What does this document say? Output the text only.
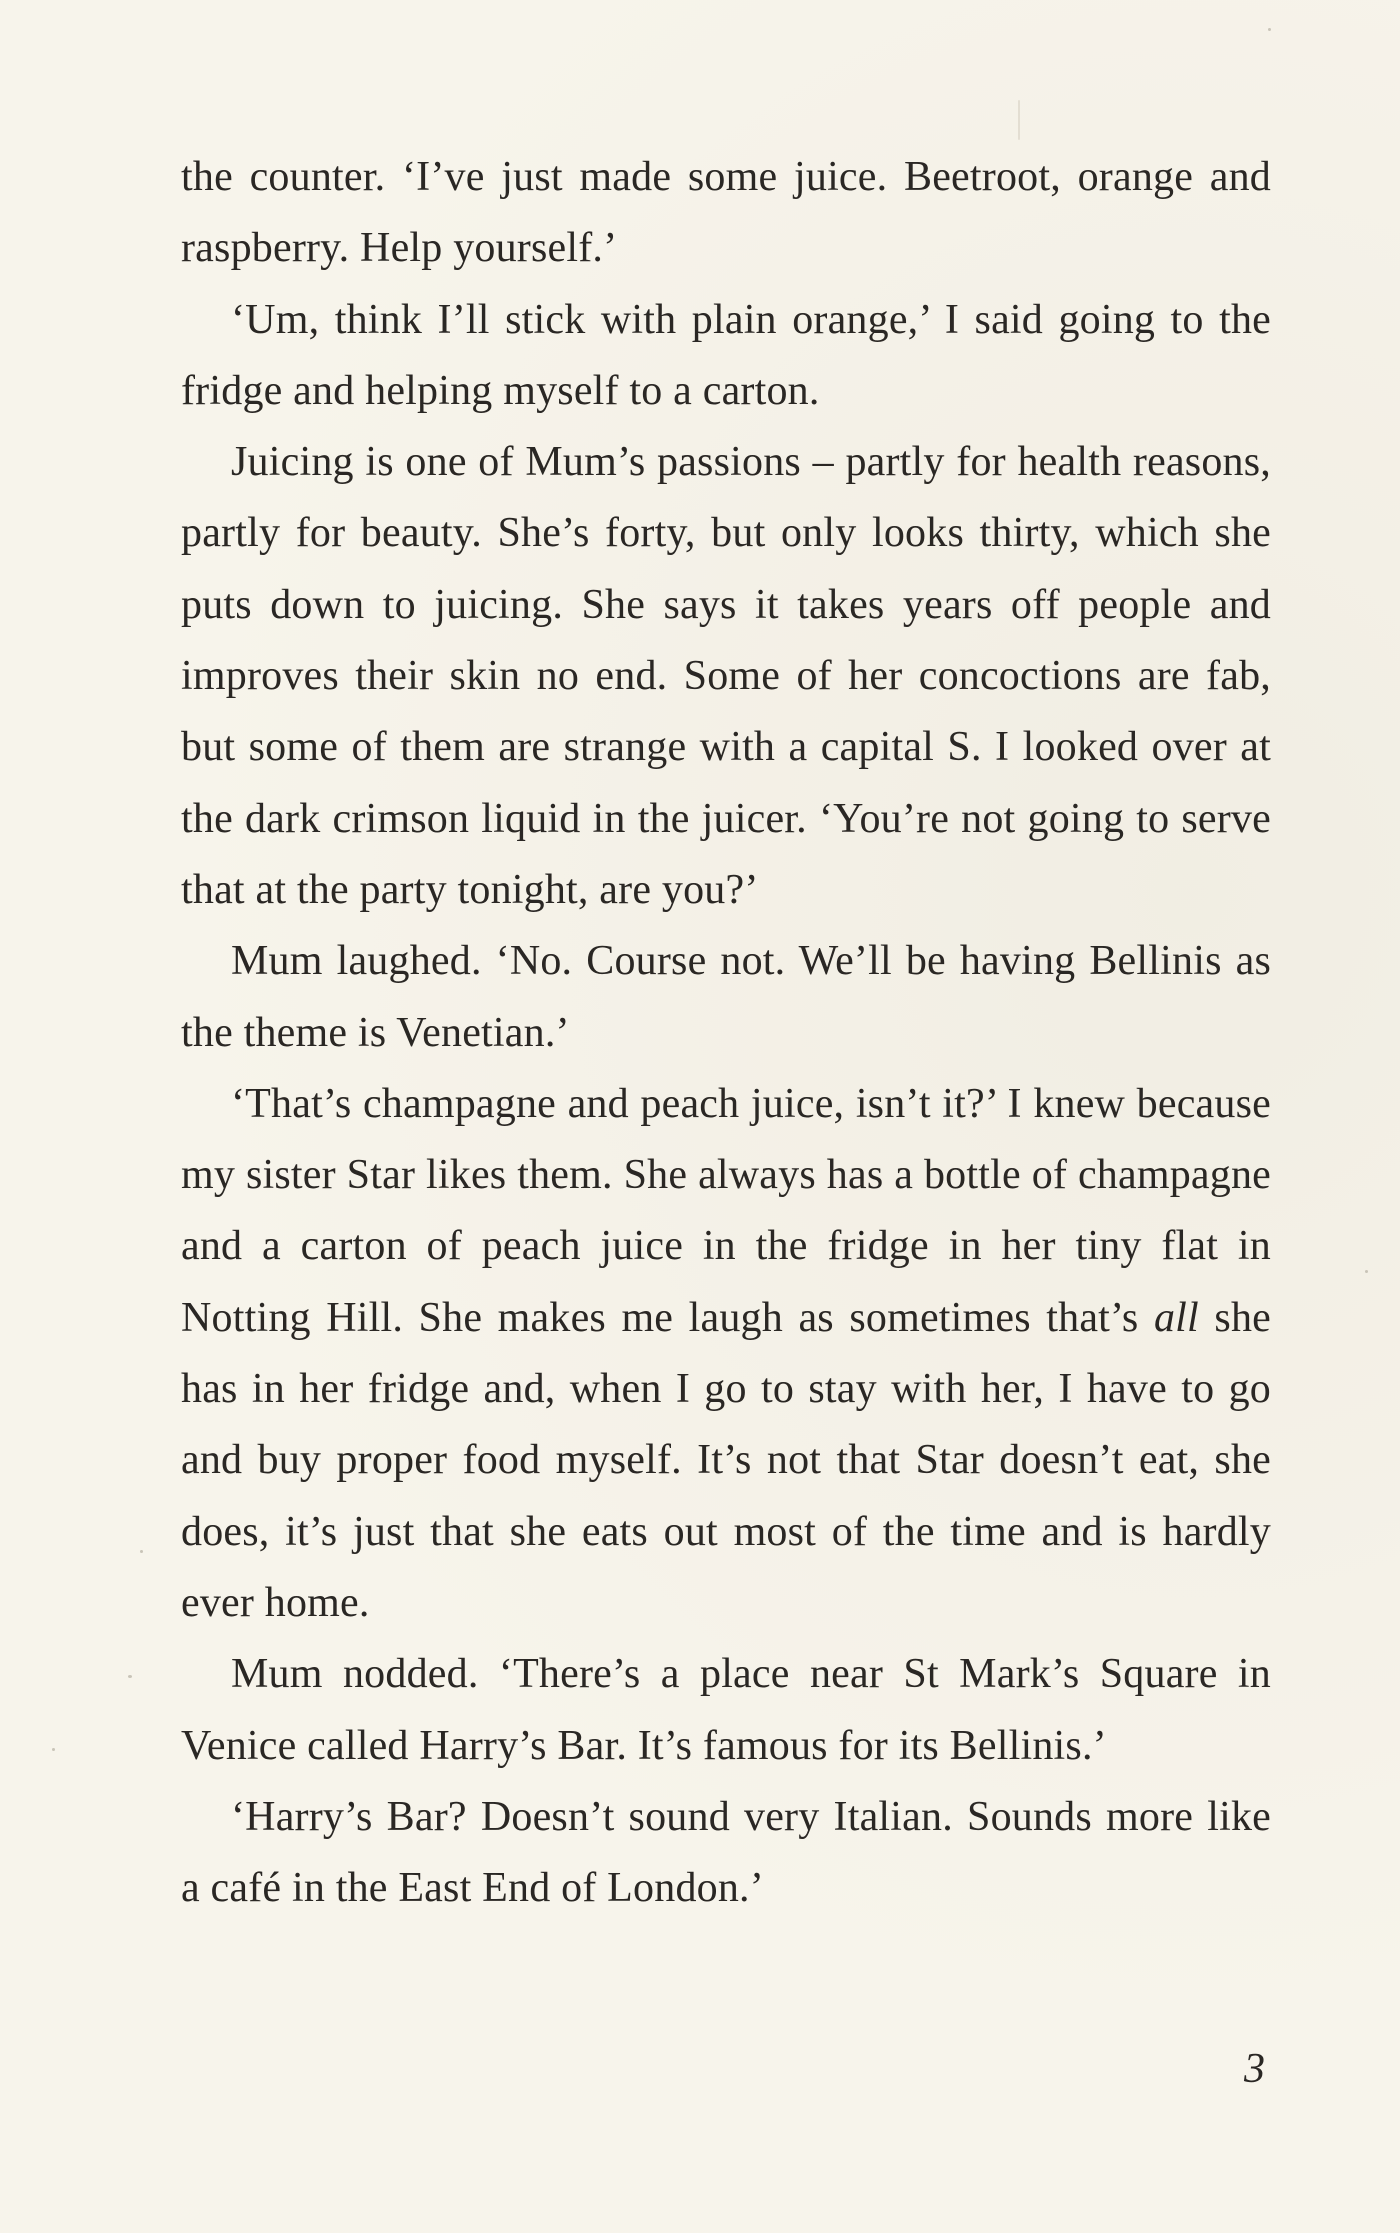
the counter. ‘I’ve just made some juice. Beetroot, orange and raspberry. Help yourself.’

‘Um, think I’ll stick with plain orange,’ I said going to the fridge and helping myself to a carton.

Juicing is one of Mum’s passions – partly for health reasons, partly for beauty. She’s forty, but only looks thirty, which she puts down to juicing. She says it takes years off people and improves their skin no end. Some of her concoctions are fab, but some of them are strange with a capital S. I looked over at the dark crimson liquid in the juicer. ‘You’re not going to serve that at the party tonight, are you?’

Mum laughed. ‘No. Course not. We’ll be having Bellinis as the theme is Venetian.’

‘That’s champagne and peach juice, isn’t it?’ I knew because my sister Star likes them. She always has a bottle of champagne and a carton of peach juice in the fridge in her tiny flat in Notting Hill. She makes me laugh as sometimes that’s all she has in her fridge and, when I go to stay with her, I have to go and buy proper food myself. It’s not that Star doesn’t eat, she does, it’s just that she eats out most of the time and is hardly ever home.

Mum nodded. ‘There’s a place near St Mark’s Square in Venice called Harry’s Bar. It’s famous for its Bellinis.’

‘Harry’s Bar? Doesn’t sound very Italian. Sounds more like a café in the East End of London.’

3
